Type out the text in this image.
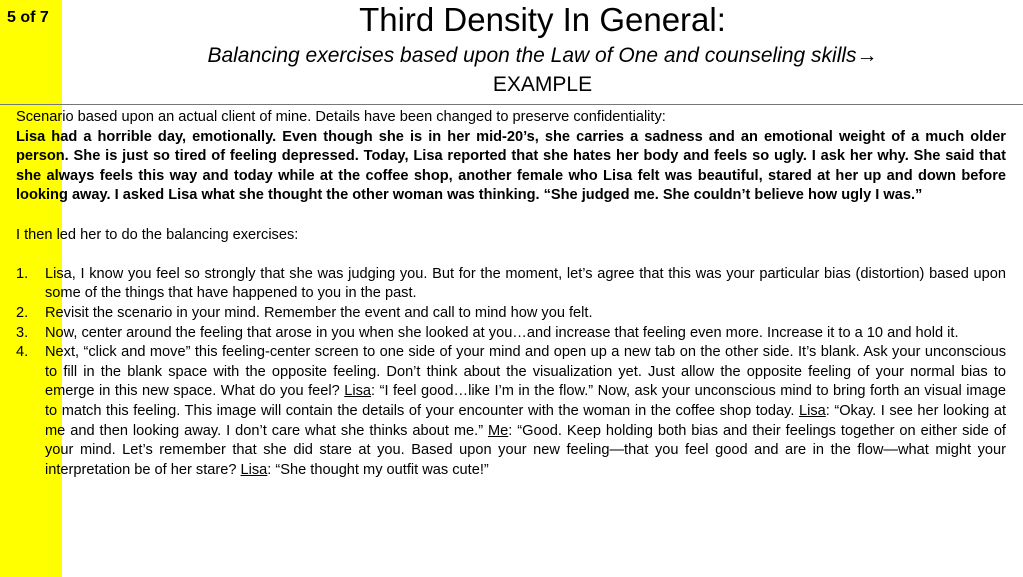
5 of 7	Third Density In General:
Balancing exercises based upon the Law of One and counseling skills→
EXAMPLE

Scenario based upon an actual client of mine. Details have been changed to preserve confidentiality:

Lisa had a horrible day, emotionally. Even though she is in her mid-20’s, she carries a sadness and an emotional weight of a much older person. She is just so tired of feeling depressed. Today, Lisa reported that she hates her body and feels so ugly. I ask her why. She said that she always feels this way and today while at the coffee shop, another female who Lisa felt was beautiful, stared at her up and down before looking away. I asked Lisa what she thought the other woman was thinking. “She judged me. She couldn’t believe how ugly I was.”

I then led her to do the balancing exercises:

1. Lisa, I know you feel so strongly that she was judging you. But for the moment, let’s agree that this was your particular bias (distortion) based upon some of the things that have happened to you in the past.
2. Revisit the scenario in your mind. Remember the event and call to mind how you felt.
3. Now, center around the feeling that arose in you when she looked at you…and increase that feeling even more. Increase it to a 10 and hold it.
4. Next, “click and move” this feeling-center screen to one side of your mind and open up a new tab on the other side. It’s blank. Ask your unconscious to fill in the blank space with the opposite feeling. Don’t think about the visualization yet. Just allow the opposite feeling of your normal bias to emerge in this new space. What do you feel? Lisa: “I feel good…like I’m in the flow.” Now, ask your unconscious mind to bring forth an visual image to match this feeling. This image will contain the details of your encounter with the woman in the coffee shop today. Lisa: “Okay. I see her looking at me and then looking away. I don’t care what she thinks about me.” Me: “Good. Keep holding both bias and their feelings together on either side of your mind. Let’s remember that she did stare at you. Based upon your new feeling—that you feel good and are in the flow—what might your interpretation be of her stare? Lisa: “She thought my outfit was cute!”
